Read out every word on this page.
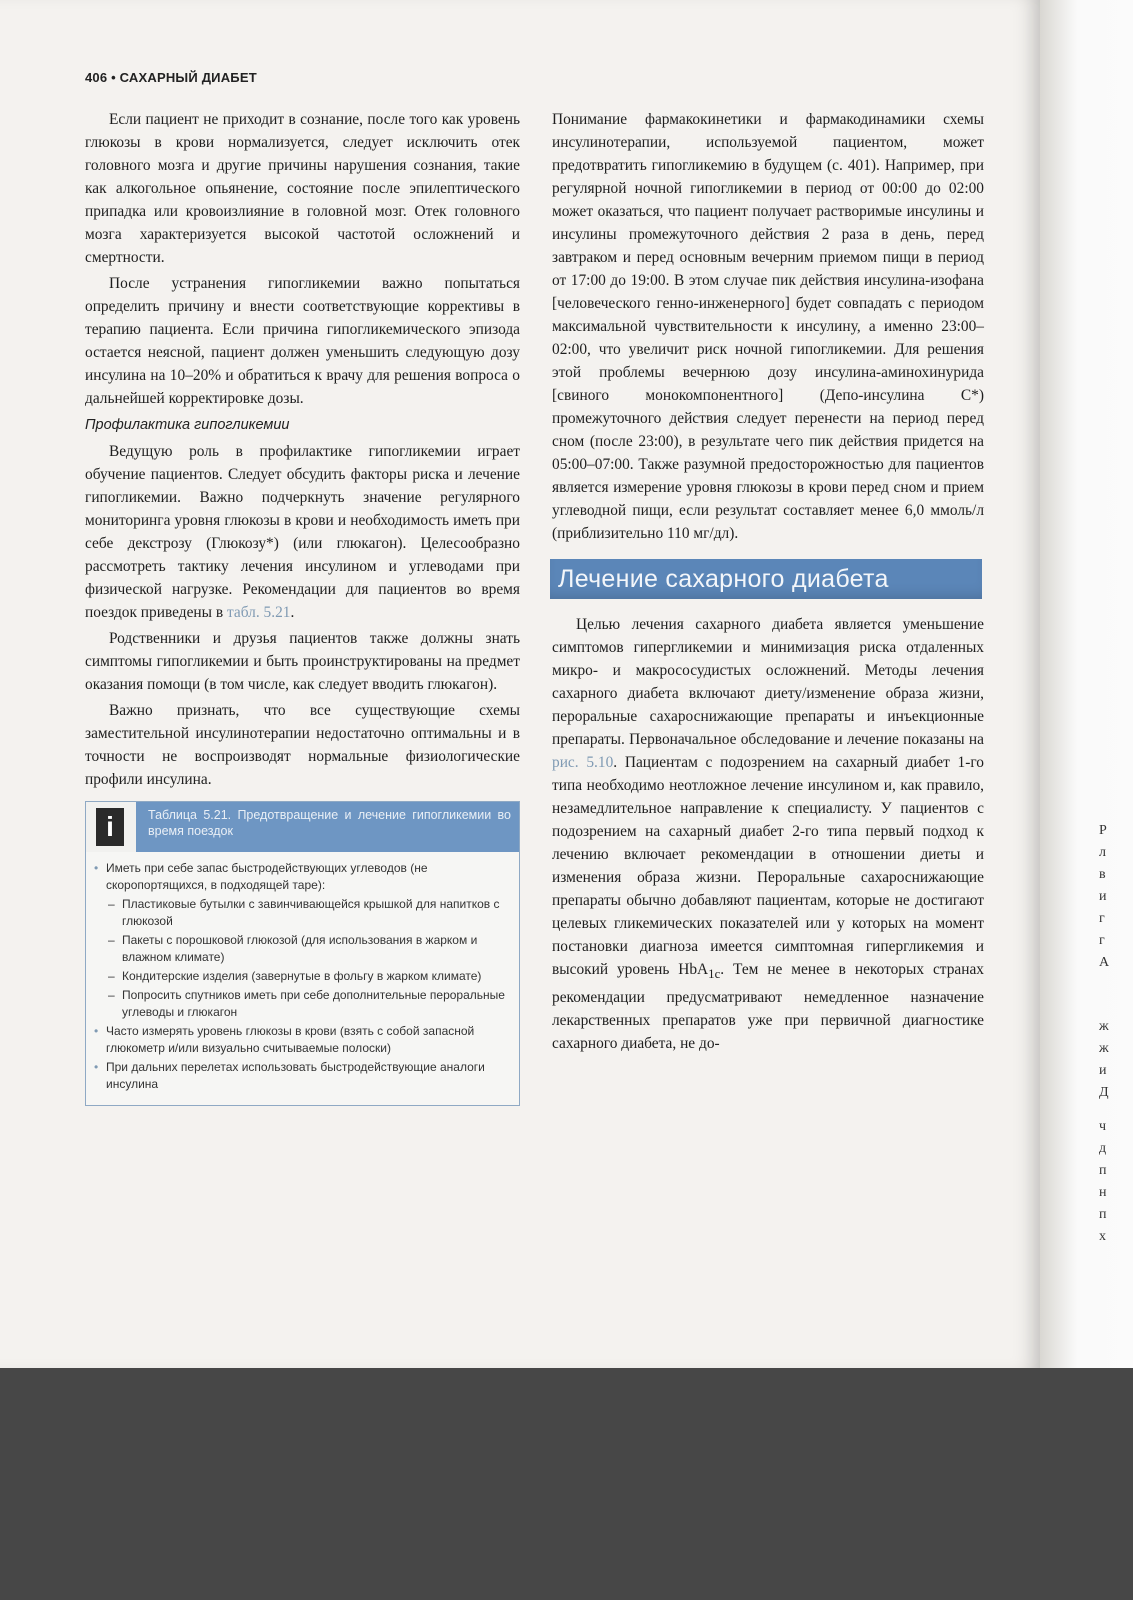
406 • САХАРНЫЙ ДИАБЕТ

Если пациент не приходит в сознание, после того как уровень глюкозы в крови нормализуется, следует исключить отек головного мозга и другие причины нарушения сознания, такие как алкогольное опьянение, состояние после эпилептического припадка или кровоизлияние в головной мозг. Отек головного мозга характеризуется высокой частотой осложнений и смертности.

После устранения гипогликемии важно попытаться определить причину и внести соответствующие коррективы в терапию пациента. Если причина гипогликемического эпизода остается неясной, пациент должен уменьшить следующую дозу инсулина на 10–20% и обратиться к врачу для решения вопроса о дальнейшей корректировке дозы.

Профилактика гипогликемии

Ведущую роль в профилактике гипогликемии играет обучение пациентов. Следует обсудить факторы риска и лечение гипогликемии. Важно подчеркнуть значение регулярного мониторинга уровня глюкозы в крови и необходимость иметь при себе декстрозу (Глюкозу*) (или глюкагон). Целесообразно рассмотреть тактику лечения инсулином и углеводами при физической нагрузке. Рекомендации для пациентов во время поездок приведены в табл. 5.21.

Родственники и друзья пациентов также должны знать симптомы гипогликемии и быть проинструктированы на предмет оказания помощи (в том числе, как следует вводить глюкагон).

Важно признать, что все существующие схемы заместительной инсулинотерапии недостаточно оптимальны и в точности не воспроизводят нормальные физиологические профили инсулина.

i	Таблица 5.21. Предотвращение и лечение гипогликемии во время поездок
• Иметь при себе запас быстродействующих углеводов (не скоропортящихся, в подходящей таре):
– Пластиковые бутылки с завинчивающейся крышкой для напитков с глюкозой
– Пакеты с порошковой глюкозой (для использования в жарком и влажном климате)
– Кондитерские изделия (завернутые в фольгу в жарком климате)
– Попросить спутников иметь при себе дополнительные пероральные углеводы и глюкагон
• Часто измерять уровень глюкозы в крови (взять с собой запасной глюкометр и/или визуально считываемые полоски)
• При дальних перелетах использовать быстродействующие аналоги инсулина

Понимание фармакокинетики и фармакодинамики схемы инсулинотерапии, используемой пациентом, может предотвратить гипогликемию в будущем (с. 401). Например, при регулярной ночной гипогликемии в период от 00:00 до 02:00 может оказаться, что пациент получает растворимые инсулины и инсулины промежуточного действия 2 раза в день, перед завтраком и перед основным вечерним приемом пищи в период от 17:00 до 19:00. В этом случае пик действия инсулина-изофана [человеческого генно-инженерного] будет совпадать с периодом максимальной чувствительности к инсулину, а именно 23:00–02:00, что увеличит риск ночной гипогликемии. Для решения этой проблемы вечернюю дозу инсулина-аминохинурида [свиного монокомпонентного] (Депо-инсулина С*) промежуточного действия следует перенести на период перед сном (после 23:00), в результате чего пик действия придется на 05:00–07:00. Также разумной предосторожностью для пациентов является измерение уровня глюкозы в крови перед сном и прием углеводной пищи, если результат составляет менее 6,0 ммоль/л (приблизительно 110 мг/дл).

Лечение сахарного диабета

Целью лечения сахарного диабета является уменьшение симптомов гипергликемии и минимизация риска отдаленных микро- и макрососудистых осложнений. Методы лечения сахарного диабета включают диету/изменение образа жизни, пероральные сахароснижающие препараты и инъекционные препараты. Первоначальное обследование и лечение показаны на рис. 5.10. Пациентам с подозрением на сахарный диабет 1-го типа необходимо неотложное лечение инсулином и, как правило, незамедлительное направление к специалисту. У пациентов с подозрением на сахарный диабет 2-го типа первый подход к лечению включает рекомендации в отношении диеты и изменения образа жизни. Пероральные сахароснижающие препараты обычно добавляют пациентам, которые не достигают целевых гликемических показателей или у которых на момент постановки диагноза имеется симптомная гипергликемия и высокий уровень HbA$_{1c}$. Тем не менее в некоторых странах рекомендации предусматривают немедленное назначение лекарственных препаратов уже при первичной диагностике сахарного диабета, не до-

Р
л
в
и
г
г
А
ж
ж
и
Д
ч
д
п
н
п
х
